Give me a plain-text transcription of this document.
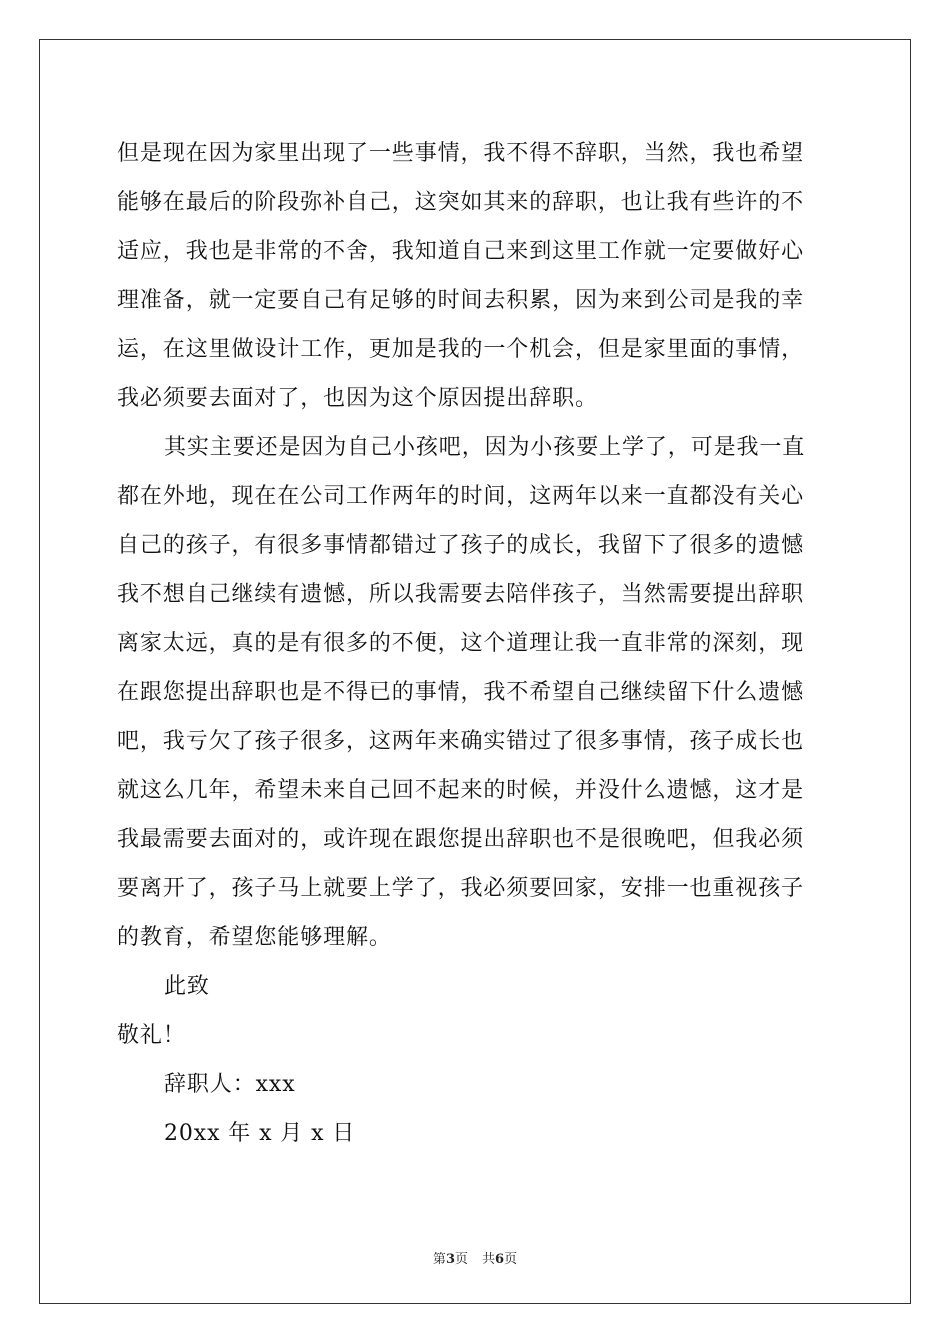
但是现在因为家里出现了一些事情，我不得不辞职，当然，我也希望
能够在最后的阶段弥补自己，这突如其来的辞职，也让我有些许的不
适应，我也是非常的不舍，我知道自己来到这里工作就一定要做好心
理准备，就一定要自己有足够的时间去积累，因为来到公司是我的幸
运，在这里做设计工作，更加是我的一个机会，但是家里面的事情，
我必须要去面对了，也因为这个原因提出辞职。
其实主要还是因为自己小孩吧，因为小孩要上学了，可是我一直
都在外地，现在在公司工作两年的时间，这两年以来一直都没有关心
自己的孩子，有很多事情都错过了孩子的成长，我留下了很多的遗憾
我不想自己继续有遗憾，所以我需要去陪伴孩子，当然需要提出辞职
离家太远，真的是有很多的不便，这个道理让我一直非常的深刻，现
在跟您提出辞职也是不得已的事情，我不希望自己继续留下什么遗憾
吧，我亏欠了孩子很多，这两年来确实错过了很多事情，孩子成长也
就这么几年，希望未来自己回不起来的时候，并没什么遗憾，这才是
我最需要去面对的，或许现在跟您提出辞职也不是很晚吧，但我必须
要离开了，孩子马上就要上学了，我必须要回家，安排一也重视孩子
的教育，希望您能够理解。
此致
敬礼！
辞职人：xxx
20xx 年 x 月 x 日
第3页 共6页
